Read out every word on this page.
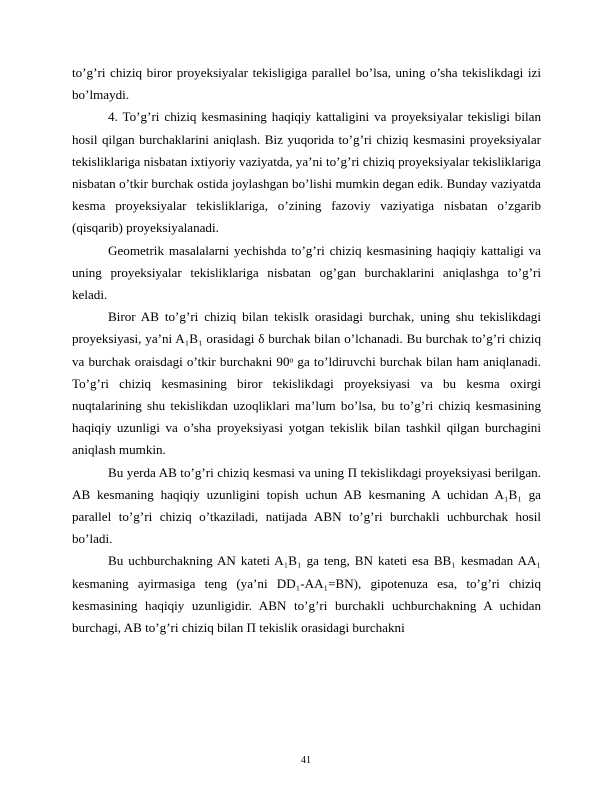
to’g’ri chiziq biror proyeksiyalar tekisligiga parallel bo’lsa, uning o’sha tekislikdagi izi bo’lmaydi.

4. To’g’ri chiziq kesmasining haqiqiy kattaligini va proyeksiyalar tekisligi bilan hosil qilgan burchaklarini aniqlash. Biz yuqorida to’g’ri chiziq kesmasini proyeksiyalar tekisliklariga nisbatan ixtiyoriy vaziyatda, ya’ni to’g’ri chiziq proyeksiyalar tekisliklariga nisbatan o’tkir burchak ostida joylashgan bo’lishi mumkin degan edik. Bunday vaziyatda kesma proyeksiyalar tekisliklariga, o’zining fazoviy vaziyatiga nisbatan o’zgarib (qisqarib) proyeksiyalanadi.

Geometrik masalalarni yechishda to’g’ri chiziq kesmasining haqiqiy kattaligi va uning proyeksiyalar tekisliklariga nisbatan og’gan burchaklarini aniqlashga to’g’ri keladi.

Biror AB to’g’ri chiziq bilan tekislk orasidagi burchak, uning shu tekislikdagi proyeksiyasi, ya’ni A₁B₁ orasidagi δ burchak bilan o’lchanadi. Bu burchak to’g’ri chiziq va burchak oraisdagi o’tkir burchakni 90ᵒ ga to’ldiruvchi burchak bilan ham aniqlanadi. To’g’ri chiziq kesmasining biror tekislikdagi proyeksiyasi va bu kesma oxirgi nuqtalarining shu tekislikdan uzoqliklari ma’lum bo’lsa, bu to’g’ri chiziq kesmasining haqiqiy uzunligi va o’sha proyeksiyasi yotgan tekislik bilan tashkil qilgan burchagini aniqlash mumkin.

Bu yerda AB to’g’ri chiziq kesmasi va uning Π tekislikdagi proyeksiyasi berilgan. AB kesmaning haqiqiy uzunligini topish uchun AB kesmaning A uchidan A₁B₁ ga parallel to’g’ri chiziq o’tkaziladi, natijada ABN to’g’ri burchakli uchburchak hosil bo’ladi.

Bu uchburchakning AN kateti A₁B₁ ga teng, BN kateti esa BB₁ kesmadan AA₁ kesmaning ayirmasiga teng (ya’ni DD₁-AA₁=BN), gipotenuza esa, to’g’ri chiziq kesmasining haqiqiy uzunligidir. ABN to’g’ri burchakli uchburchakning A uchidan burchagi, AB to’g’ri chiziq bilan Π tekislik orasidagi burchakni

41
